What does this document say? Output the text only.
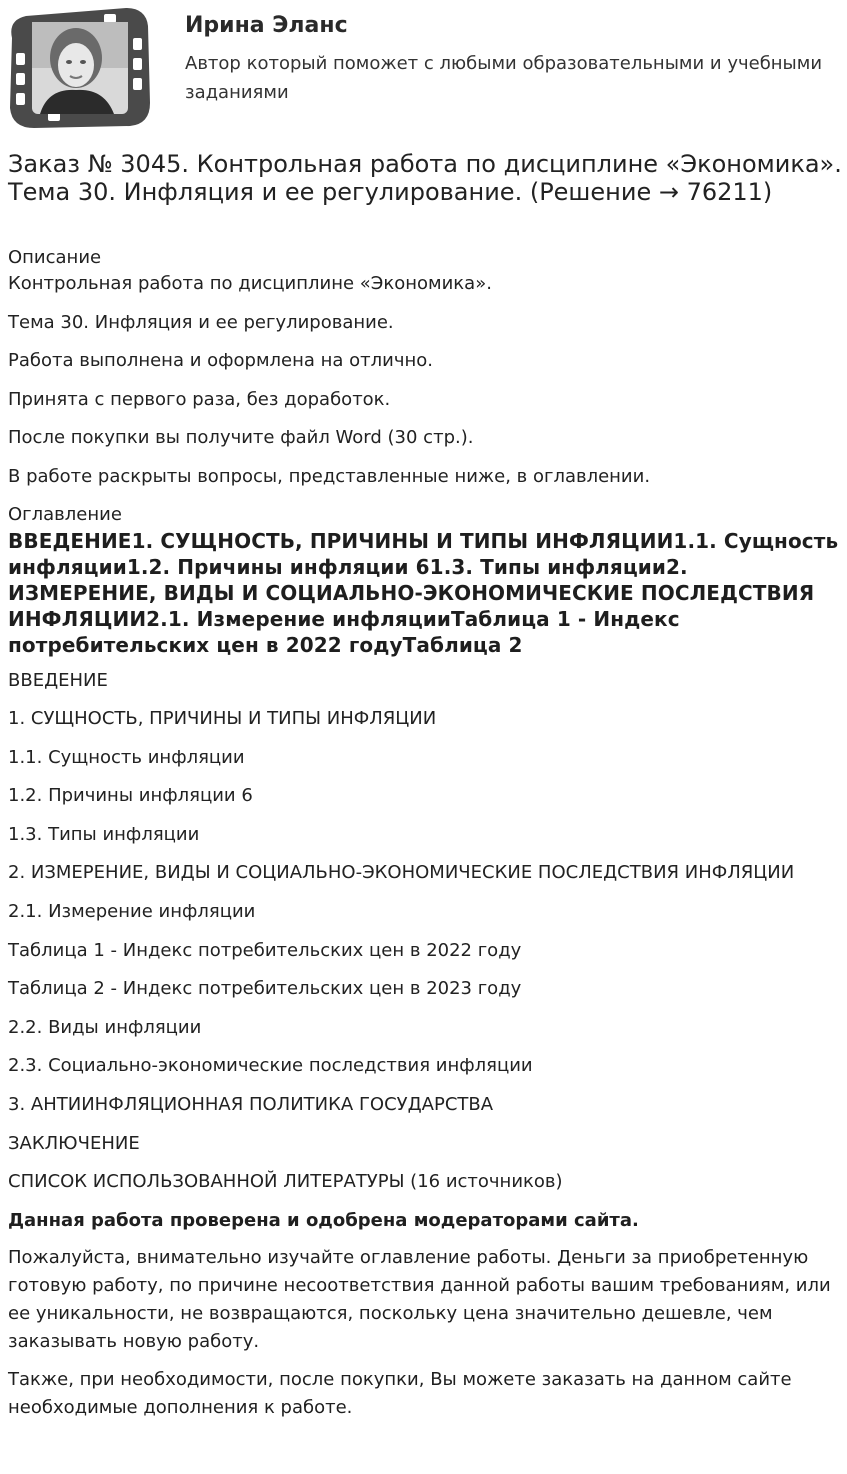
Ирина Эланс
Автор который поможет с любыми образовательными и учебными заданиями
Заказ № 3045. Контрольная работа по дисциплине «Экономика». Тема 30. Инфляция и ее регулирование. (Решение → 76211)
Описание

Контрольная работа по дисциплине «Экономика».

Тема 30. Инфляция и ее регулирование.

Работа выполнена и оформлена на отлично.

Принята с первого раза, без доработок.

После покупки вы получите файл Word (30 стр.).

В работе раскрыты вопросы, представленные ниже, в оглавлении.

Оглавление

ВВЕДЕНИЕ1. СУЩНОСТЬ, ПРИЧИНЫ И ТИПЫ ИНФЛЯЦИИ1.1. Сущность инфляции1.2. Причины инфляции 61.3. Типы инфляции2. ИЗМЕРЕНИЕ, ВИДЫ И СОЦИАЛЬНО-ЭКОНОМИЧЕСКИЕ ПОСЛЕДСТВИЯ ИНФЛЯЦИИ2.1. Измерение инфляцииТаблица 1 - Индекс потребительских цен в 2022 годуТаблица 2

ВВЕДЕНИЕ

1. СУЩНОСТЬ, ПРИЧИНЫ И ТИПЫ ИНФЛЯЦИИ

1.1. Сущность инфляции

1.2. Причины инфляции 6

1.3. Типы инфляции

2. ИЗМЕРЕНИЕ, ВИДЫ И СОЦИАЛЬНО-ЭКОНОМИЧЕСКИЕ ПОСЛЕДСТВИЯ ИНФЛЯЦИИ

2.1. Измерение инфляции

Таблица 1 - Индекс потребительских цен в 2022 году

Таблица 2 - Индекс потребительских цен в 2023 году

2.2. Виды инфляции

2.3. Социально-экономические последствия инфляции

3. АНТИИНФЛЯЦИОННАЯ ПОЛИТИКА ГОСУДАРСТВА

ЗАКЛЮЧЕНИЕ

СПИСОК ИСПОЛЬЗОВАННОЙ ЛИТЕРАТУРЫ (16 источников)

Данная работа проверена и одобрена модераторами сайта.

Пожалуйста, внимательно изучайте оглавление работы. Деньги за приобретенную готовую работу, по причине несоответствия данной работы вашим требованиям, или ее уникальности, не возвращаются, поскольку цена значительно дешевле, чем заказывать новую работу.

Также, при необходимости, после покупки, Вы можете заказать на данном сайте необходимые дополнения к работе.
